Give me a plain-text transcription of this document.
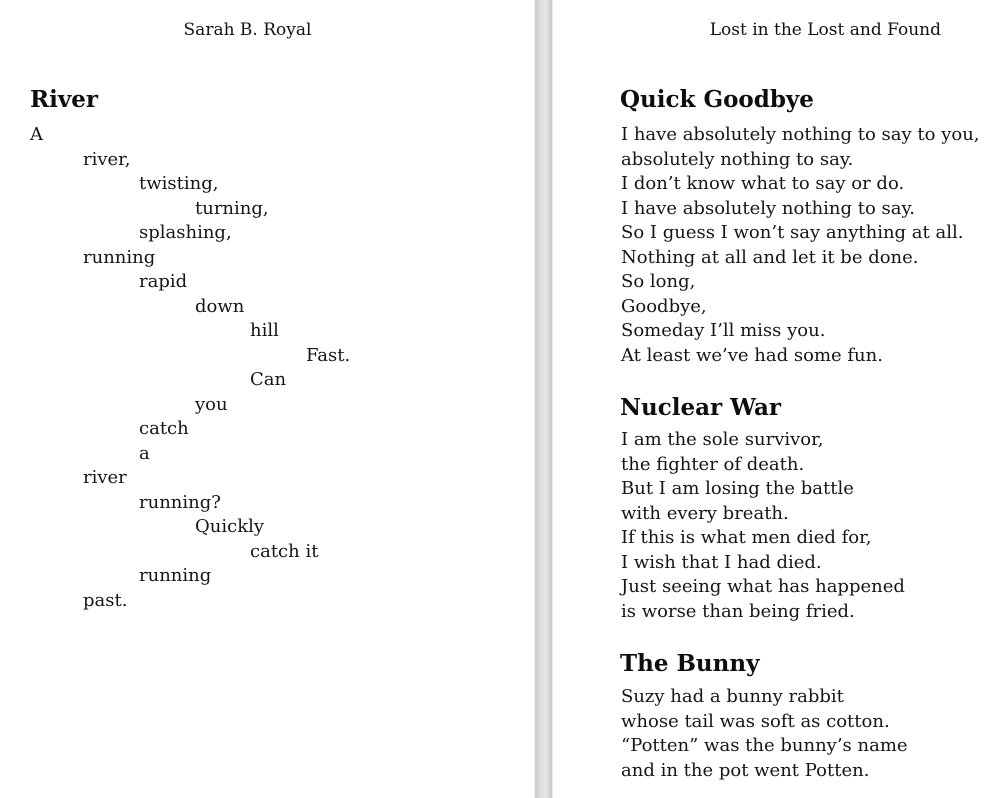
Sarah B. Royal
River
A
river,
twisting,
turning,
splashing,
running
rapid
down
hill
Fast.
Can
you
catch
a
river
running?
Quickly
catch it
running
past.
Lost in the Lost and Found
Quick Goodbye
I have absolutely nothing to say to you,
absolutely nothing to say.
I don’t know what to say or do.
I have absolutely nothing to say.
So I guess I won’t say anything at all.
Nothing at all and let it be done.
So long,
Goodbye,
Someday I’ll miss you.
At least we’ve had some fun.
Nuclear War
I am the sole survivor,
the fighter of death.
But I am losing the battle
with every breath.
If this is what men died for,
I wish that I had died.
Just seeing what has happened
is worse than being fried.
The Bunny
Suzy had a bunny rabbit
whose tail was soft as cotton.
“Potten” was the bunny’s name
and in the pot went Potten.
